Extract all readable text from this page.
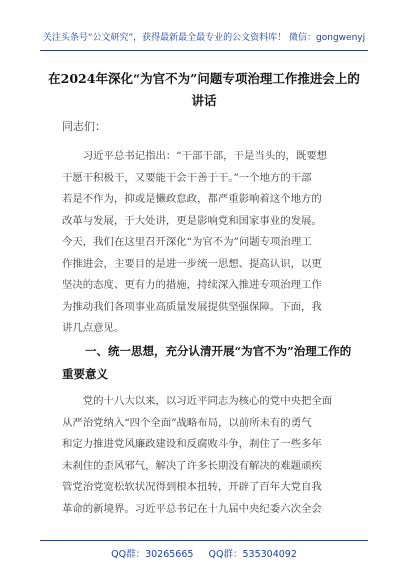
关注头条号“公文研究”，获得最新最全最专业的公文资料库！ 微信：gongwenyj
在2024年深化“为官不为”问题专项治理工作推进会上的
讲话
同志们：
　　习近平总书记指出：“干部干部，干是当头的，既要想
干愿干积极干，又要能干会干善于干。”一个地方的干部
若是不作为，抑或是懒政怠政，都严重影响着这个地方的
改革与发展，于大处讲，更是影响党和国家事业的发展。
今天，我们在这里召开深化“为官不为”问题专项治理工
作推进会，主要目的是进一步统一思想、提高认识，以更
坚决的态度、更有力的措施，持续深入推进专项治理工作
为推动我们各项事业高质量发展提供坚强保障。下面，我
讲几点意见。
　　一、统一思想，充分认清开展“为官不为”治理工作的
重要意义
　　党的十八大以来，以习近平同志为核心的党中央把全面
从严治党纳入“四个全面”战略布局，以前所未有的勇气
和定力推进党风廉政建设和反腐败斗争，刹住了一些多年
未刹住的歪风邪气，解决了许多长期没有解决的难题顽疾
管党治党宽松软状况得到根本扭转，开辟了百年大党自我
革命的新境界。习近平总书记在十九届中央纪委六次全会
QQ群：30265665 QQ群：535304092
